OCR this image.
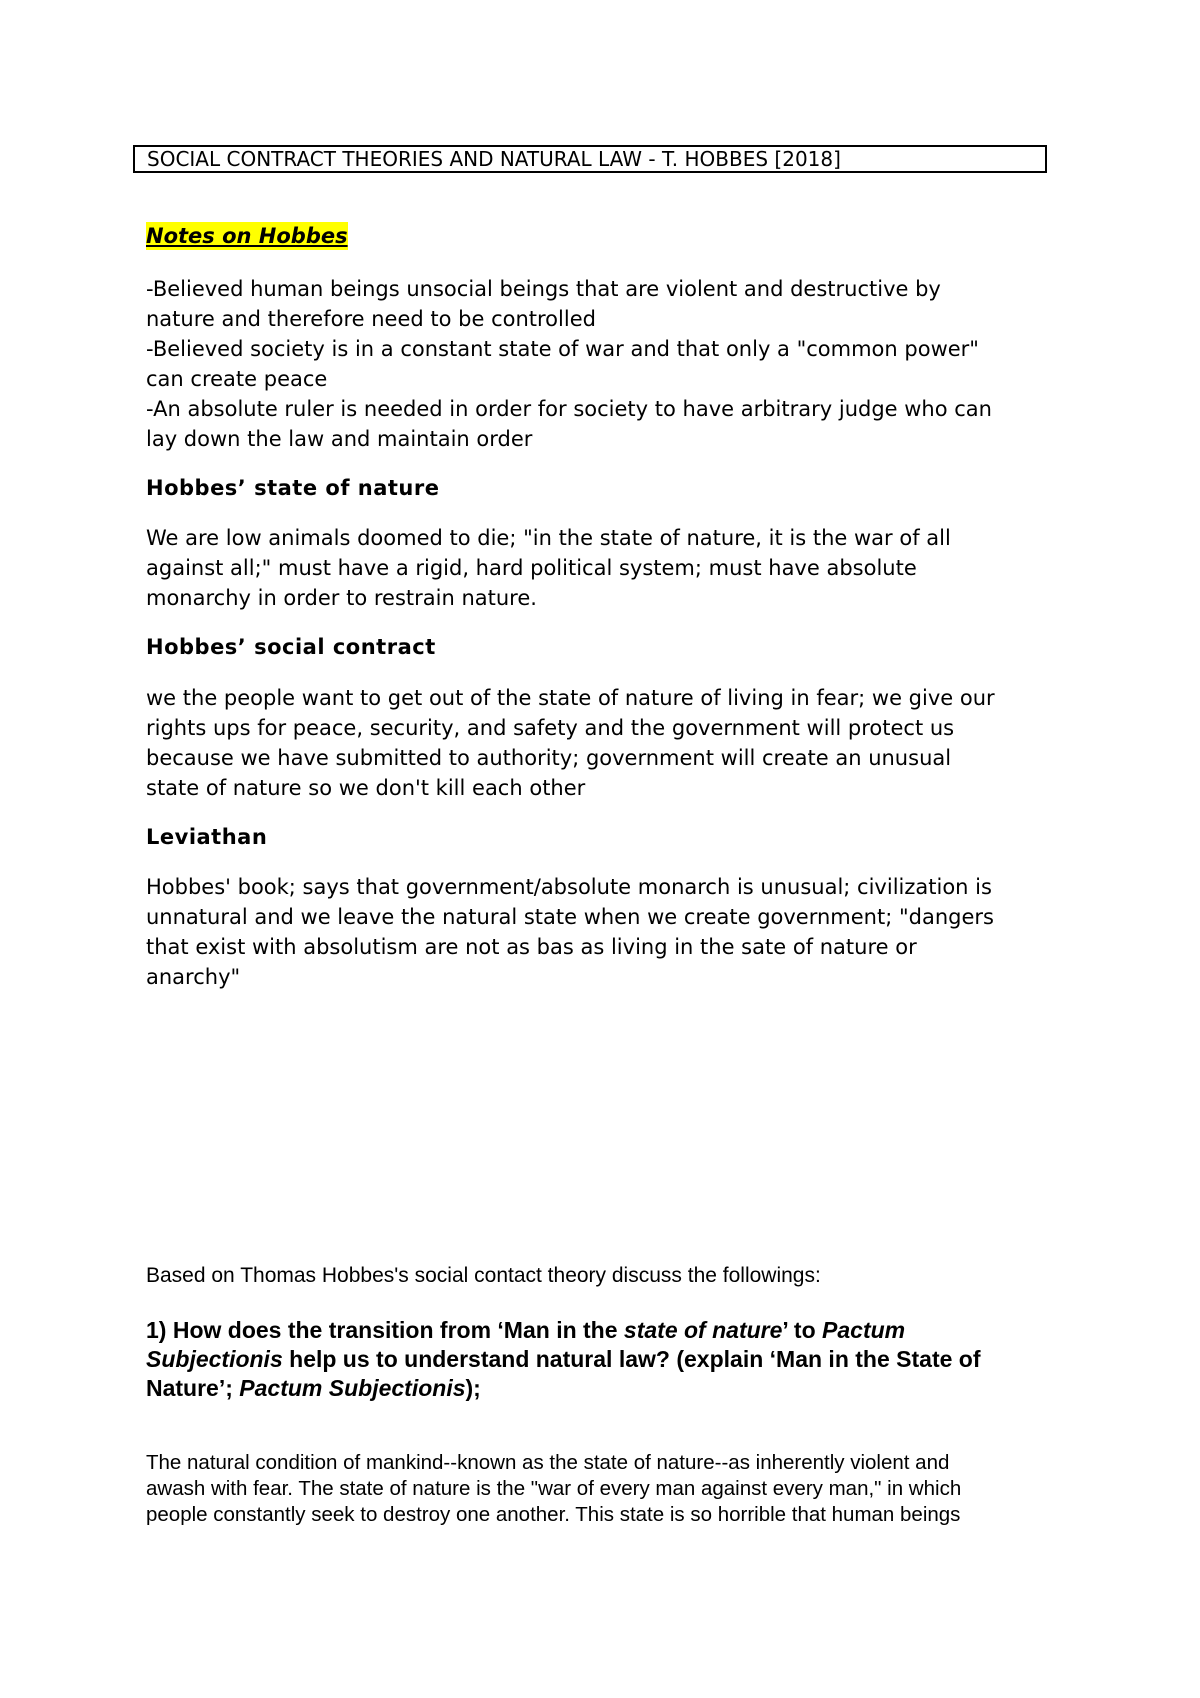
SOCIAL CONTRACT THEORIES AND NATURAL LAW - T. HOBBES [2018]
Notes on Hobbes

-Believed human beings unsocial beings that are violent and destructive by

nature and therefore need to be controlled

-Believed society is in a constant state of war and that only a "common power"

can create peace

-An absolute ruler is needed in order for society to have arbitrary judge who can

lay down the law and maintain order

Hobbes’ state of nature

We are low animals doomed to die; "in the state of nature, it is the war of all

against all;" must have a rigid, hard political system; must have absolute

monarchy in order to restrain nature.

Hobbes’ social contract

we the people want to get out of the state of nature of living in fear; we give our

rights ups for peace, security, and safety and the government will protect us

because we have submitted to authority; government will create an unusual

state of nature so we don't kill each other

Leviathan

Hobbes' book; says that government/absolute monarch is unusual; civilization is

unnatural and we leave the natural state when we create government; "dangers

that exist with absolutism are not as bas as living in the sate of nature or

anarchy"

Based on Thomas Hobbes's social contact theory discuss the followings:

1) How does the transition from ‘Man in the state of nature’ to Pactum

Subjectionis help us to understand natural law? (explain ‘Man in the State of

Nature’; Pactum Subjectionis);

The natural condition of mankind--known as the state of nature--as inherently violent and

awash with fear. The state of nature is the "war of every man against every man," in which

people constantly seek to destroy one another. This state is so horrible that human beings
